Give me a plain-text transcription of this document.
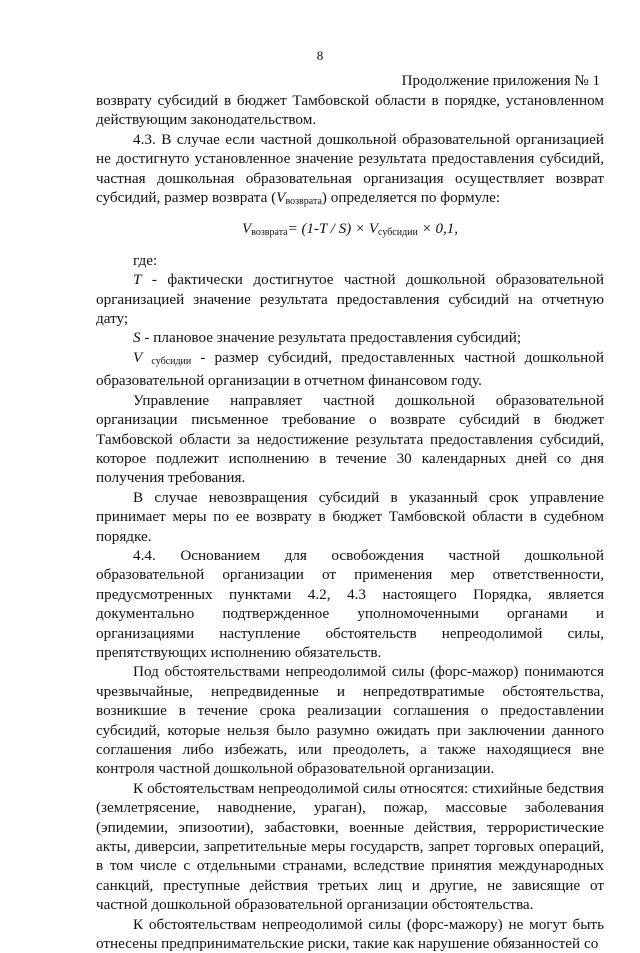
8
Продолжение приложения № 1

возврату субсидий в бюджет Тамбовской области в порядке, установленном действующим законодательством.

4.3. В случае если частной дошкольной образовательной организацией не достигнуто установленное значение результата предоставления субсидий, частная дошкольная образовательная организация осуществляет возврат субсидий, размер возврата $(V_{возврата})$ определяется по формуле:

$V_{возврата}= (1-T / S) \times V_{субсидии} \times 0,1$,

где:

Т - фактически достигнутое частной дошкольной образовательной организацией значение результата предоставления субсидий на отчетную дату;

S - плановое значение результата предоставления субсидий;

V $_{субсидии}$ - размер субсидий, предоставленных частной дошкольной образовательной организации в отчетном финансовом году.

Управление направляет частной дошкольной образовательной организации письменное требование о возврате субсидий в бюджет Тамбовской области за недостижение результата предоставления субсидий, которое подлежит исполнению в течение 30 календарных дней со дня получения требования.

В случае невозвращения субсидий в указанный срок управление принимает меры по ее возврату в бюджет Тамбовской области в судебном порядке.

4.4. Основанием для освобождения частной дошкольной образовательной организации от применения мер ответственности, предусмотренных пунктами 4.2, 4.3 настоящего Порядка, является документально подтвержденное уполномоченными органами и организациями наступление обстоятельств непреодолимой силы, препятствующих исполнению обязательств.

Под обстоятельствами непреодолимой силы (форс-мажор) понимаются чрезвычайные, непредвиденные и непредотвратимые обстоятельства, возникшие в течение срока реализации соглашения о предоставлении субсидий, которые нельзя было разумно ожидать при заключении данного соглашения либо избежать, или преодолеть, а также находящиеся вне контроля частной дошкольной образовательной организации.

К обстоятельствам непреодолимой силы относятся: стихийные бедствия (землетрясение, наводнение, ураган), пожар, массовые заболевания (эпидемии, эпизоотии), забастовки, военные действия, террористические акты, диверсии, запретительные меры государств, запрет торговых операций, в том числе с отдельными странами, вследствие принятия международных санкций, преступные действия третьих лиц и другие, не зависящие от частной дошкольной образовательной организации обстоятельства.

К обстоятельствам непреодолимой силы (форс-мажору) не могут быть отнесены предпринимательские риски, такие как нарушение обязанностей со
